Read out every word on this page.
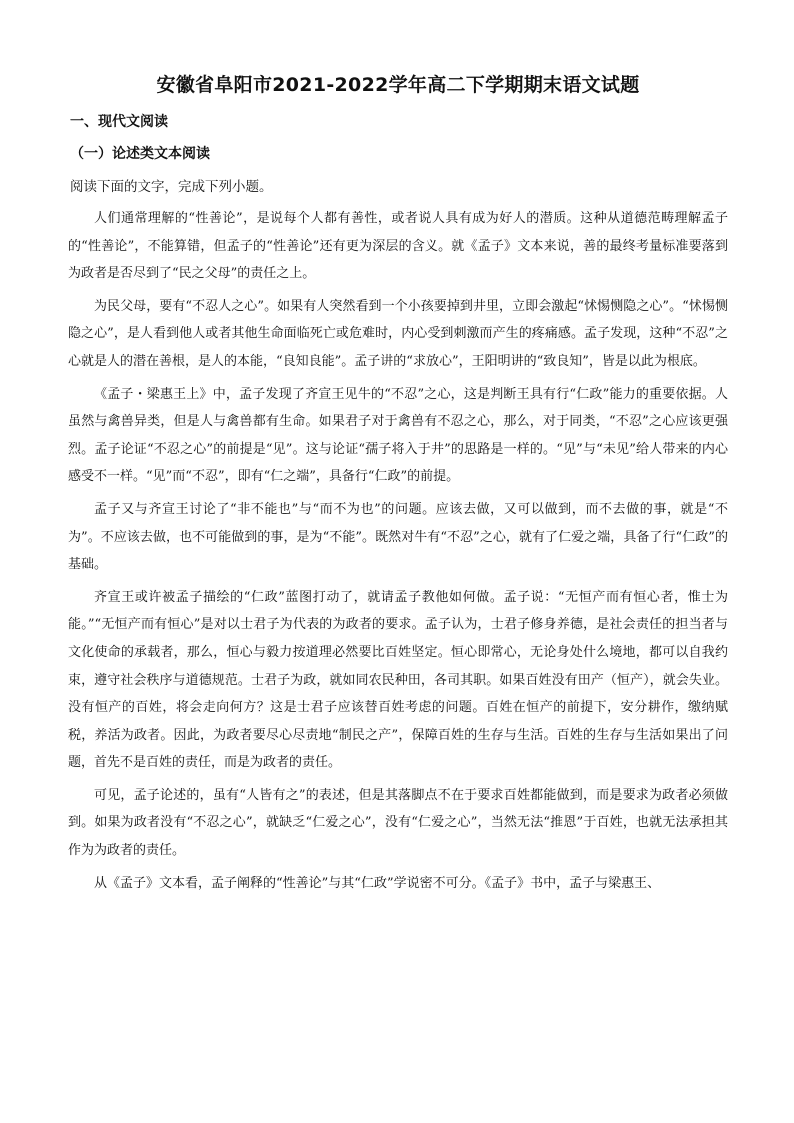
安徽省阜阳市2021-2022学年高二下学期期末语文试题
一、现代文阅读
（一）论述类文本阅读
阅读下面的文字，完成下列小题。

人们通常理解的“性善论”，是说每个人都有善性，或者说人具有成为好人的潜质。这种从道德范畴理解孟子的“性善论”，不能算错，但孟子的“性善论”还有更为深层的含义。就《孟子》文本来说，善的最终考量标准要落到为政者是否尽到了“民之父母”的责任之上。

为民父母，要有“不忍人之心”。如果有人突然看到一个小孩要掉到井里，立即会激起“怵惕恻隐之心”。“怵惕恻隐之心”，是人看到他人或者其他生命面临死亡或危难时，内心受到刺激而产生的疼痛感。孟子发现，这种“不忍”之心就是人的潜在善根，是人的本能，“良知良能”。孟子讲的“求放心”，王阳明讲的“致良知”，皆是以此为根底。

《孟子・梁惠王上》中，孟子发现了齐宣王见牛的“不忍”之心，这是判断王具有行“仁政”能力的重要依据。人虽然与禽兽异类，但是人与禽兽都有生命。如果君子对于禽兽有不忍之心，那么，对于同类，“不忍”之心应该更强烈。孟子论证“不忍之心”的前提是“见”。这与论证“孺子将入于井”的思路是一样的。“见”与“未见”给人带来的内心感受不一样。“见”而“不忍”，即有“仁之端”，具备行“仁政”的前提。

孟子又与齐宣王讨论了“非不能也”与“而不为也”的问题。应该去做，又可以做到，而不去做的事，就是“不为”。不应该去做，也不可能做到的事，是为“不能”。既然对牛有“不忍”之心，就有了仁爱之端，具备了行“仁政”的基础。

齐宣王或许被孟子描绘的“仁政”蓝图打动了，就请孟子教他如何做。孟子说：“无恒产而有恒心者，惟士为能。”“无恒产而有恒心”是对以士君子为代表的为政者的要求。孟子认为，士君子修身养德，是社会责任的担当者与文化使命的承载者，那么，恒心与毅力按道理必然要比百姓坚定。恒心即常心，无论身处什么境地，都可以自我约束，遵守社会秩序与道德规范。士君子为政，就如同农民种田，各司其职。如果百姓没有田产（恒产），就会失业。没有恒产的百姓，将会走向何方？这是士君子应该替百姓考虑的问题。百姓在恒产的前提下，安分耕作，缴纳赋税，养活为政者。因此，为政者要尽心尽责地“制民之产”，保障百姓的生存与生活。百姓的生存与生活如果出了问题，首先不是百姓的责任，而是为政者的责任。

可见，孟子论述的，虽有“人皆有之”的表述，但是其落脚点不在于要求百姓都能做到，而是要求为政者必须做到。如果为政者没有“不忍之心”，就缺乏“仁爱之心”，没有“仁爱之心”，当然无法“推恩”于百姓，也就无法承担其作为为政者的责任。

从《孟子》文本看，孟子阐释的“性善论”与其“仁政”学说密不可分。《孟子》书中，孟子与梁惠王、
